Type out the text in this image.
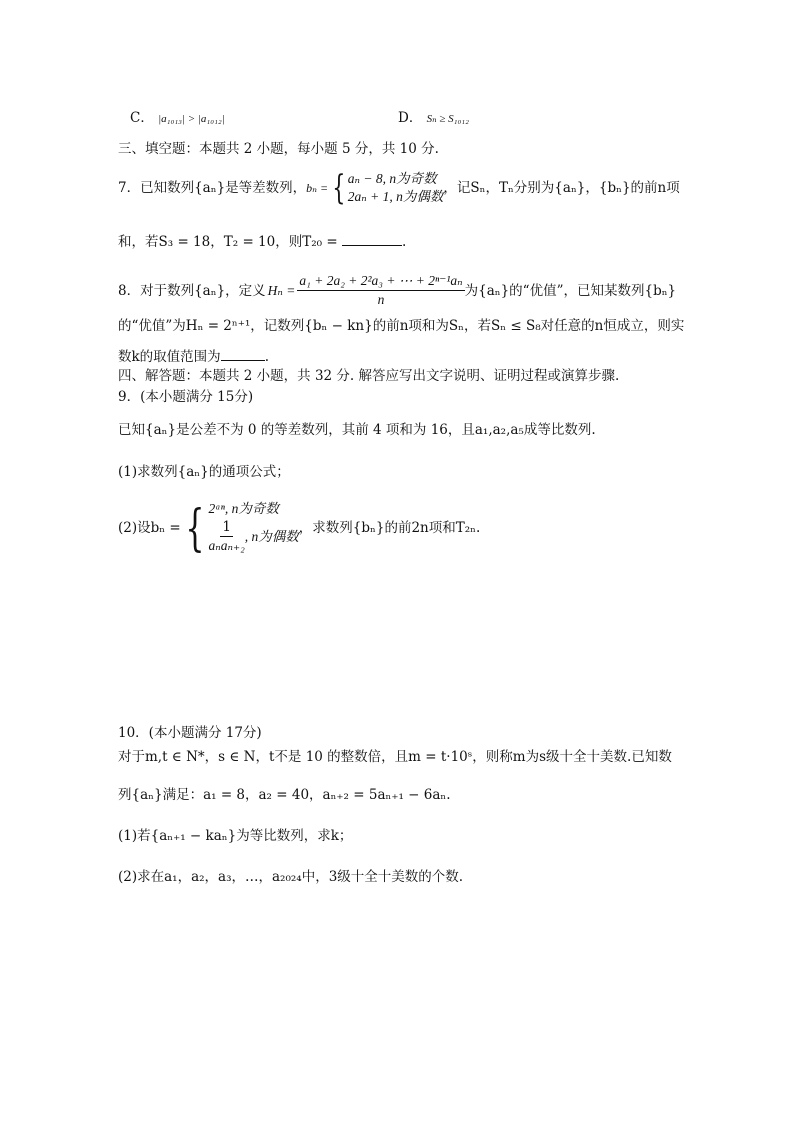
C． |a₁₀₁₃| > |a₁₀₁₂|	D． Sₙ ≥ S₁₀₁₂
三、填空题：本题共 2 小题，每小题 5 分，共 10 分.
7． 已知数列{aₙ}是等差数列， bₙ = { aₙ − 8, n为奇数
2aₙ + 1, n为偶数
，记Sₙ，Tₙ分别为{aₙ}，{bₙ}的前n项
和，若S₃ = 18，T₂ = 10，则T₂₀ =	.
8． 对于数列{aₙ}，定义 $H_n = \frac{\text{a₁ + 2a₂ + 2²a₃ + ⋯ + 2ⁿ⁻¹aₙ}}{n}$ 为{aₙ}的“优值”，已知某数列{bₙ}
的“优值”为Hₙ = 2ⁿ⁺¹，记数列{bₙ − kn}的前n项和为Sₙ，若Sₙ ≤ S₈对任意的n恒成立，则实
数k的取值范围为	.
四、解答题：本题共 2 小题，共 32 分. 解答应写出文字说明、证明过程或演算步骤.
9．(本小题满分 15分)
已知{aₙ}是公差不为 0 的等差数列，其前 4 项和为 16，且a₁,a₂,a₅成等比数列.
(1)求数列{aₙ}的通项公式；
(2)设bₙ = { 2ᵃⁿ, n为奇数
$\frac{1}{\text{aₙaₙ₊₂}}$ , n为偶数
，求数列{bₙ}的前2n项和T₂ₙ.
10．(本小题满分 17分)
对于m,t ∈ N*，s ∈ N，t不是 10 的整数倍，且m = t·10ˢ，则称m为s级十全十美数.已知数
列{aₙ}满足：a₁ = 8，a₂ = 40，aₙ₊₂ = 5aₙ₊₁ − 6aₙ.
(1)若{aₙ₊₁ − kaₙ}为等比数列，求k；
(2)求在a₁，a₂，a₃，…，a₂₀₂₄中，3级十全十美数的个数.
